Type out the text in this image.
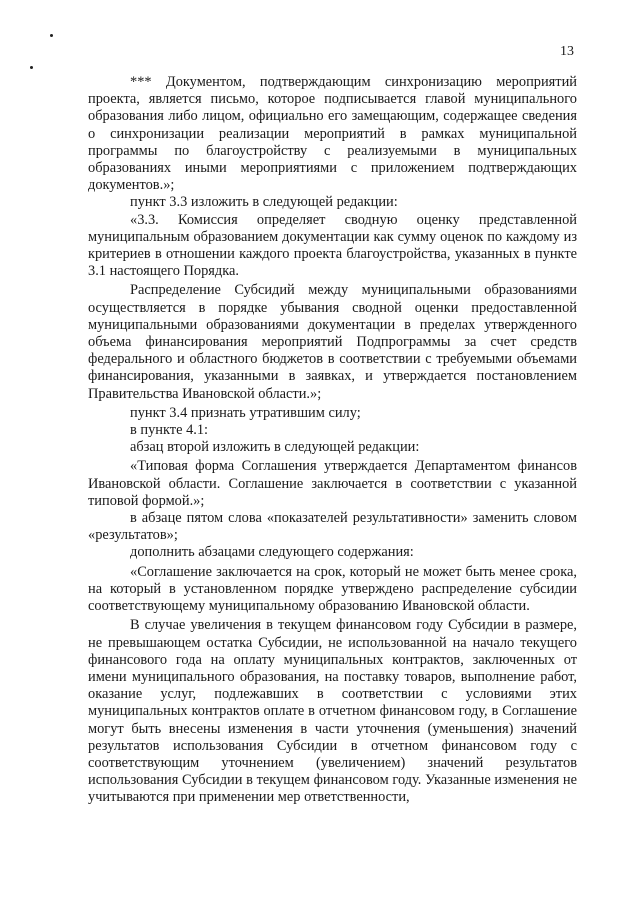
13

*** Документом, подтверждающим синхронизацию мероприятий проекта, является письмо, которое подписывается главой муниципального образования либо лицом, официально его замещающим, содержащее сведения о синхронизации реализации мероприятий в рамках муниципальной программы по благоустройству с реализуемыми в муниципальных образованиях иными мероприятиями с приложением подтверждающих документов.»;

пункт 3.3 изложить в следующей редакции:

«3.3. Комиссия определяет сводную оценку представленной муниципальным образованием документации как сумму оценок по каждому из критериев в отношении каждого проекта благоустройства, указанных в пункте 3.1 настоящего Порядка.

Распределение Субсидий между муниципальными образованиями осуществляется в порядке убывания сводной оценки предоставленной муниципальными образованиями документации в пределах утвержденного объема финансирования мероприятий Подпрограммы за счет средств федерального и областного бюджетов в соответствии с требуемыми объемами финансирования, указанными в заявках, и утверждается постановлением Правительства Ивановской области.»;

пункт 3.4 признать утратившим силу;

в пункте 4.1:

абзац второй изложить в следующей редакции:

«Типовая форма Соглашения утверждается Департаментом финансов Ивановской области. Соглашение заключается в соответствии с указанной типовой формой.»;

в абзаце пятом слова «показателей результативности» заменить словом «результатов»;

дополнить абзацами следующего содержания:

«Соглашение заключается на срок, который не может быть менее срока, на который в установленном порядке утверждено распределение субсидии соответствующему муниципальному образованию Ивановской области.

В случае увеличения в текущем финансовом году Субсидии в размере, не превышающем остатка Субсидии, не использованной на начало текущего финансового года на оплату муниципальных контрактов, заключенных от имени муниципального образования, на поставку товаров, выполнение работ, оказание услуг, подлежавших в соответствии с условиями этих муниципальных контрактов оплате в отчетном финансовом году, в Соглашение могут быть внесены изменения в части уточнения (уменьшения) значений результатов использования Субсидии в отчетном финансовом году с соответствующим уточнением (увеличением) значений результатов использования Субсидии в текущем финансовом году. Указанные изменения не учитываются при применении мер ответственности,
